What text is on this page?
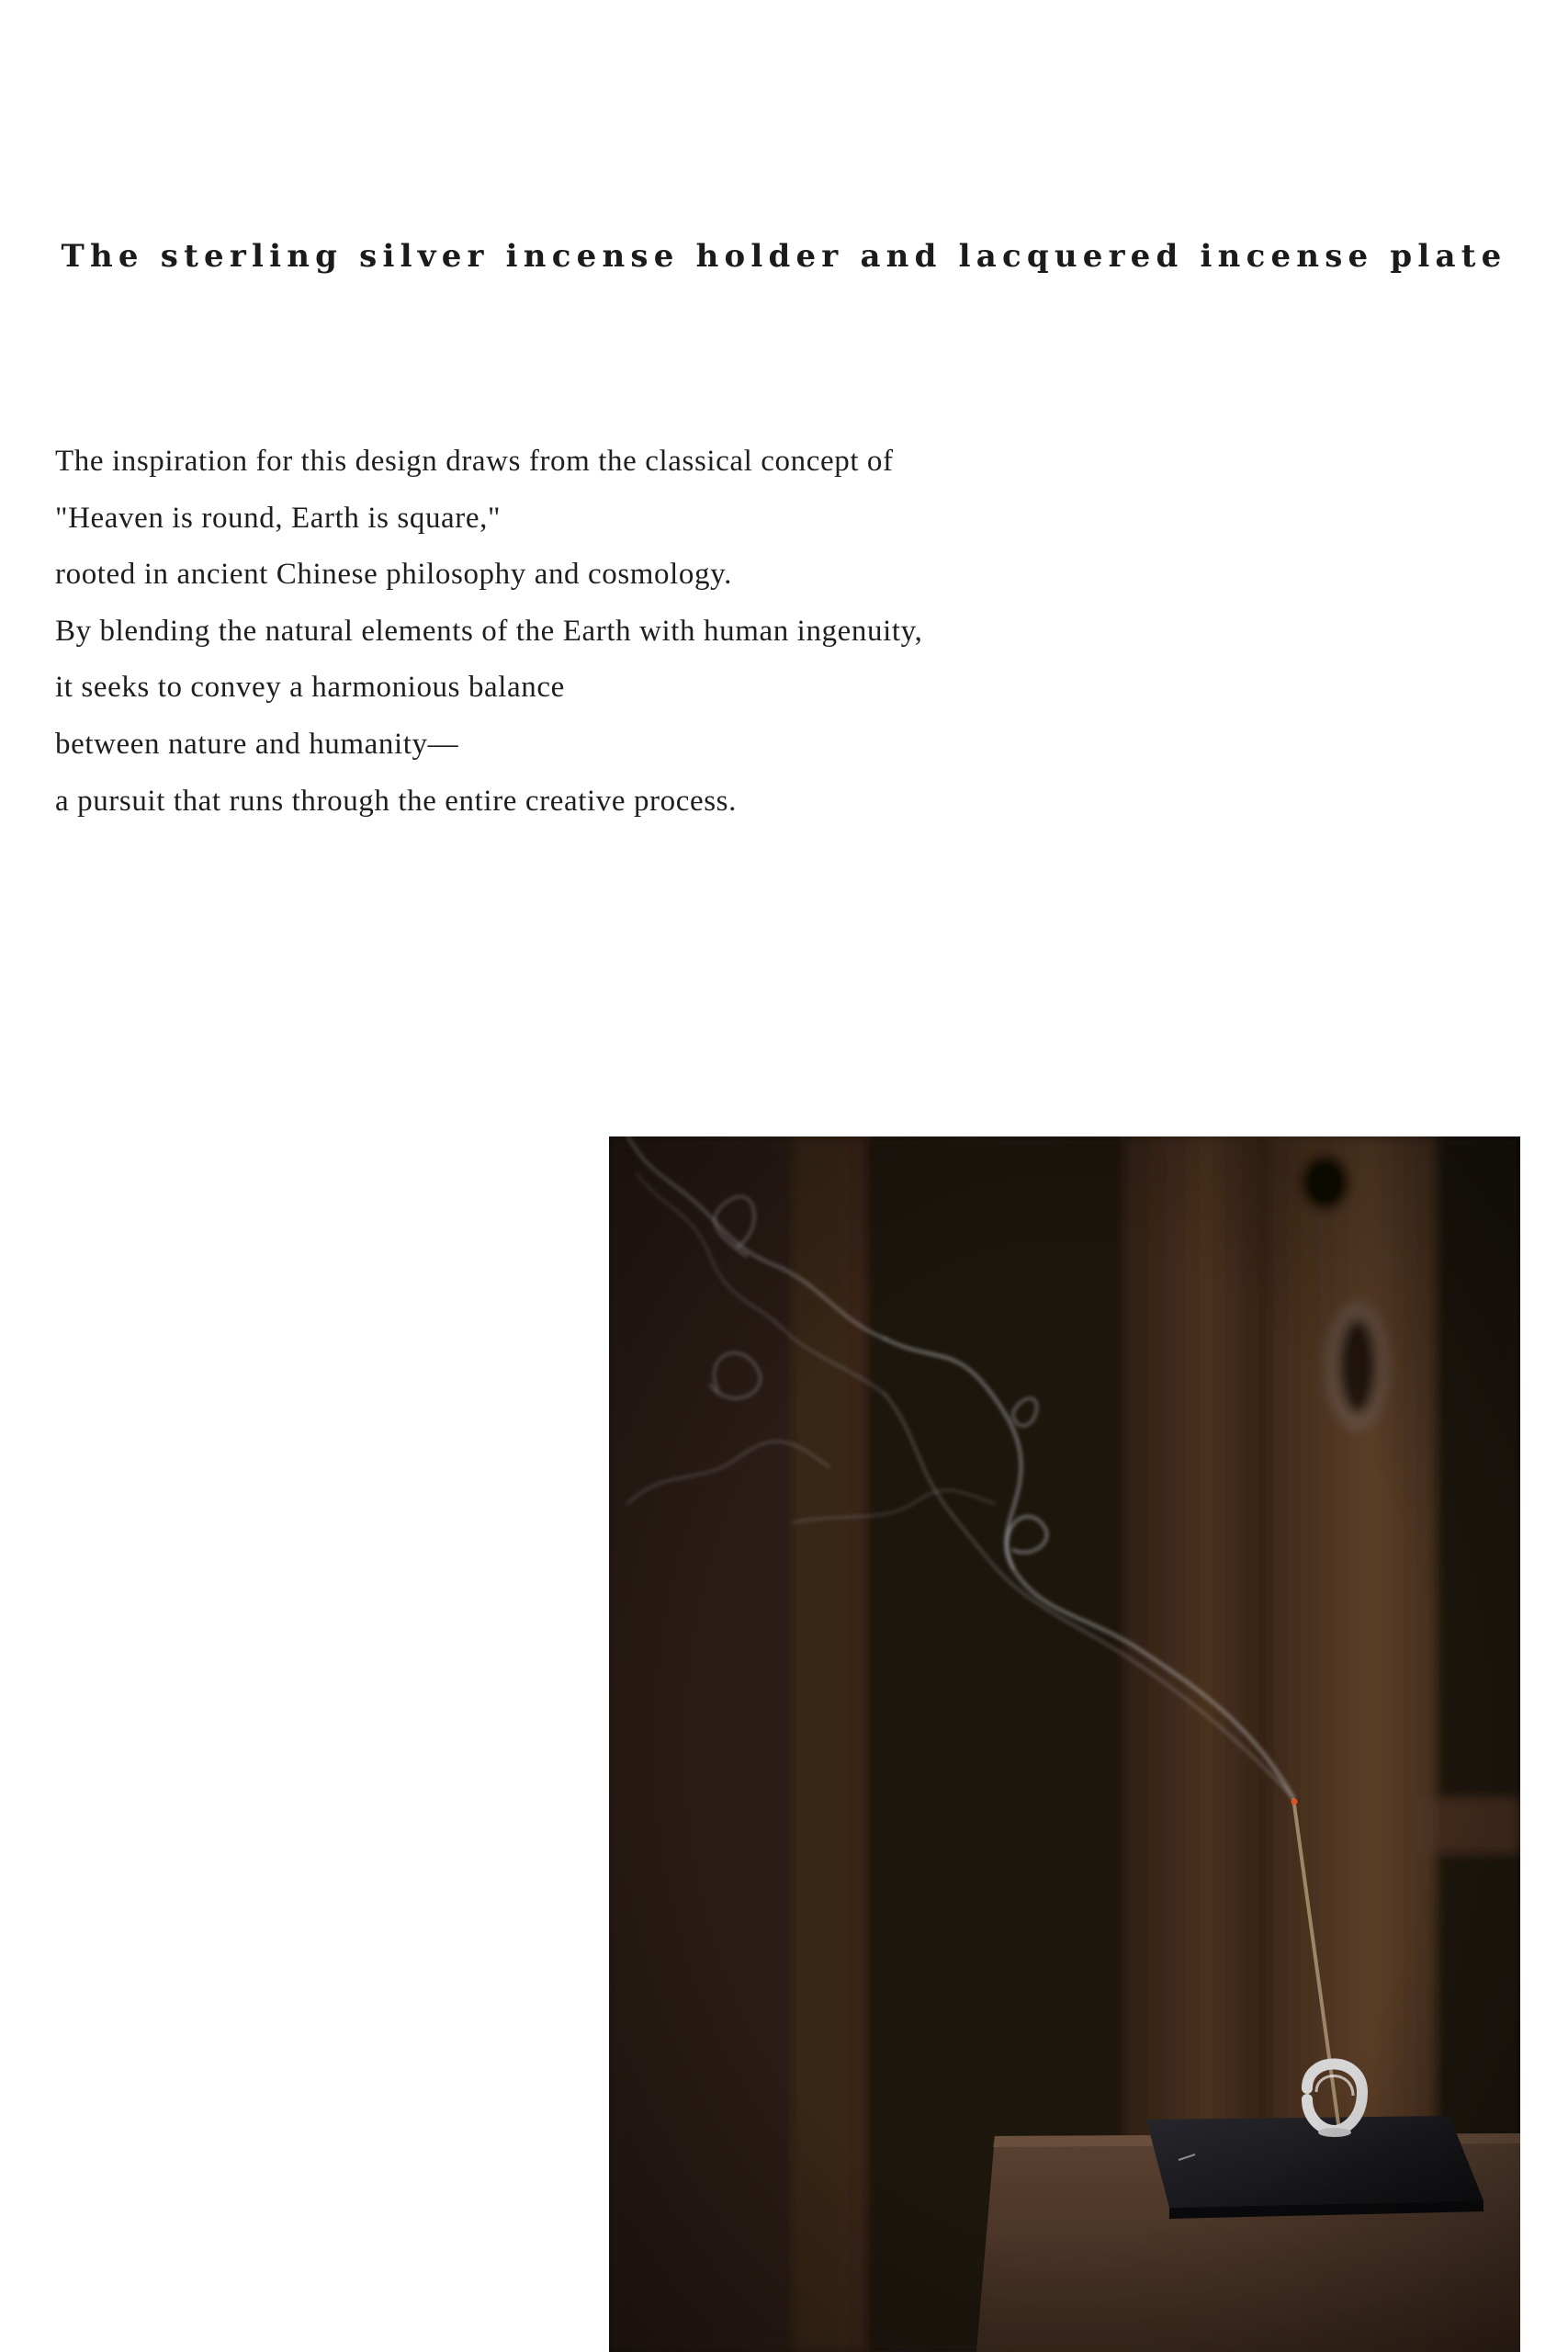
The sterling silver incense holder and lacquered incense plate
The inspiration for this design draws from the classical concept of
"Heaven is round, Earth is square,"
rooted in ancient Chinese philosophy and cosmology.
By blending the natural elements of the Earth with human ingenuity,
it seeks to convey a harmonious balance
between nature and humanity—
a pursuit that runs through the entire creative process.
